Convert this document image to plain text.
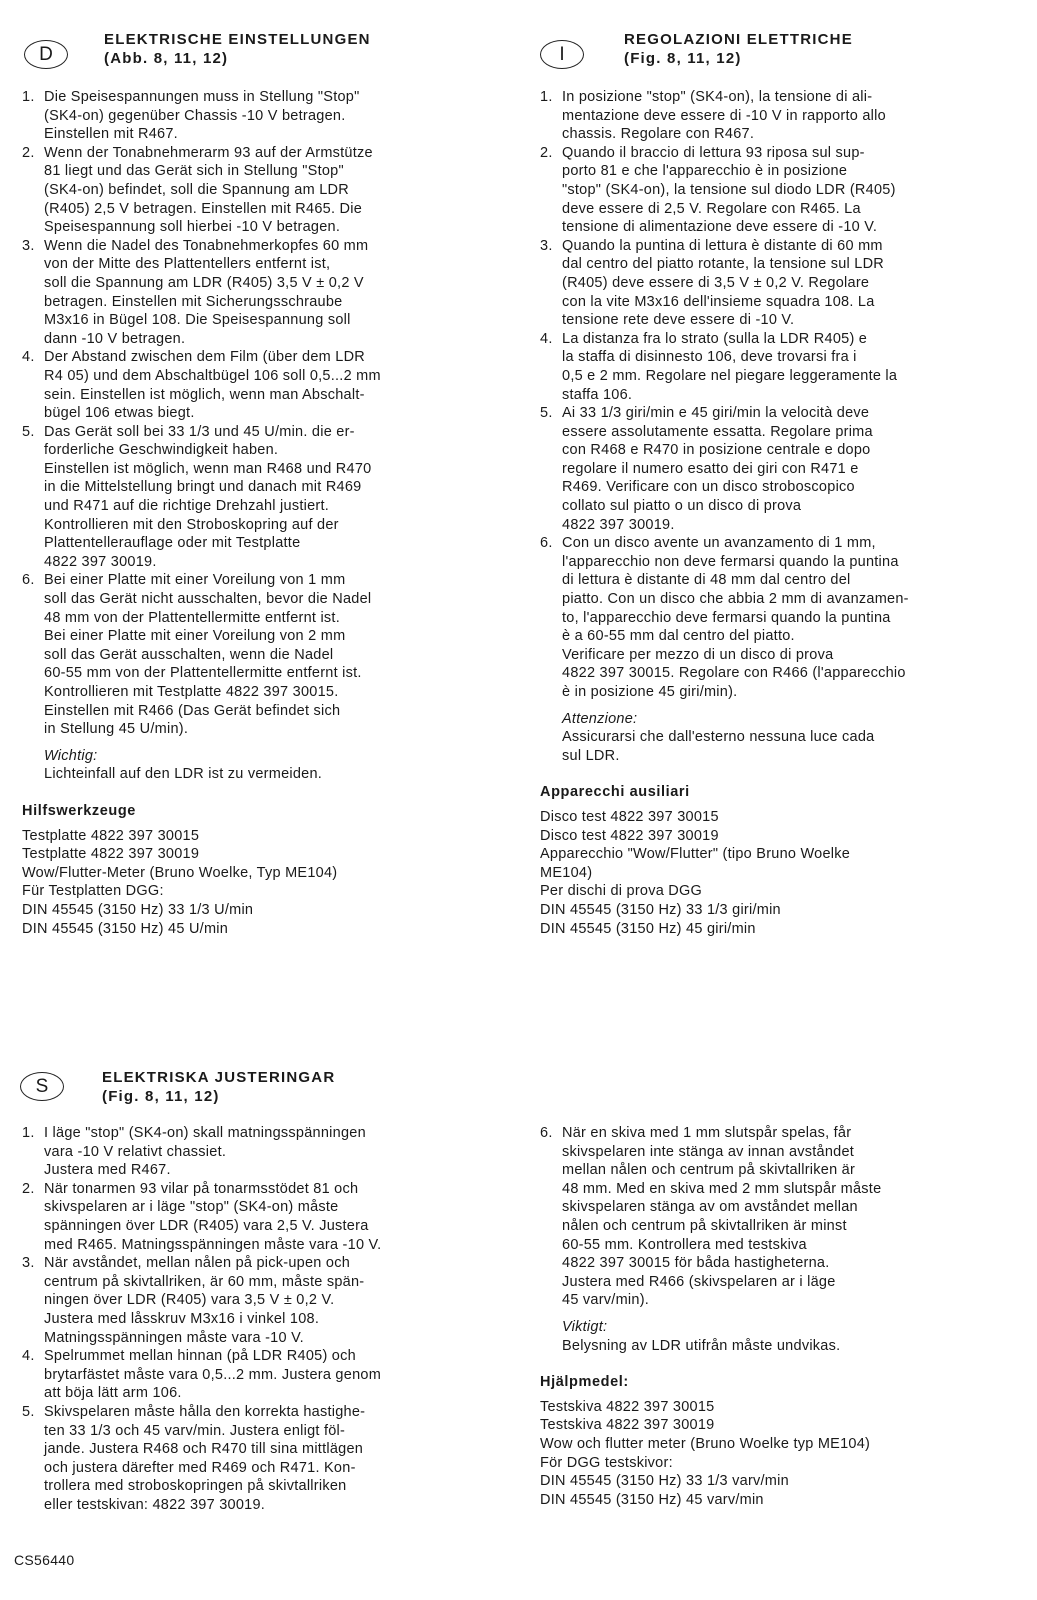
D
ELEKTRISCHE EINSTELLUNGEN
(Abb. 8, 11, 12)
1. Die Speisespannungen muss in Stellung "Stop"
(SK4-on) gegenüber Chassis -10 V betragen.
Einstellen mit R467.
2. Wenn der Tonabnehmerarm 93 auf der Armstütze
81 liegt und das Gerät sich in Stellung "Stop"
(SK4-on) befindet, soll die Spannung am LDR
(R405) 2,5 V betragen. Einstellen mit R465. Die
Speisespannung soll hierbei -10 V betragen.
3. Wenn die Nadel des Tonabnehmerkopfes 60 mm
von der Mitte des Plattentellers entfernt ist,
soll die Spannung am LDR (R405) 3,5 V ± 0,2 V
betragen. Einstellen mit Sicherungsschraube
M3x16 in Bügel 108. Die Speisespannung soll
dann -10 V betragen.
4. Der Abstand zwischen dem Film (über dem LDR
R4 05) und dem Abschaltbügel 106 soll 0,5...2 mm
sein. Einstellen ist möglich, wenn man Abschalt-
bügel 106 etwas biegt.
5. Das Gerät soll bei 33 1/3 und 45 U/min. die er-
forderliche Geschwindigkeit haben.
Einstellen ist möglich, wenn man R468 und R470
in die Mittelstellung bringt und danach mit R469
und R471 auf die richtige Drehzahl justiert.
Kontrollieren mit den Stroboskopring auf der
Plattentellerauflage oder mit Testplatte
4822 397 30019.
6. Bei einer Platte mit einer Voreilung von 1 mm
soll das Gerät nicht ausschalten, bevor die Nadel
48 mm von der Plattentellermitte entfernt ist.
Bei einer Platte mit einer Voreilung von 2 mm
soll das Gerät ausschalten, wenn die Nadel
60-55 mm von der Plattentellermitte entfernt ist.
Kontrollieren mit Testplatte 4822 397 30015.
Einstellen mit R466 (Das Gerät befindet sich
in Stellung 45 U/min).
Wichtig:
Lichteinfall auf den LDR ist zu vermeiden.
Hilfswerkzeuge
Testplatte 4822 397 30015
Testplatte 4822 397 30019
Wow/Flutter-Meter (Bruno Woelke, Typ ME104)
Für Testplatten DGG:
DIN 45545 (3150 Hz) 33 1/3 U/min
DIN 45545 (3150 Hz) 45 U/min
I
REGOLAZIONI ELETTRICHE
(Fig. 8, 11, 12)
1. In posizione "stop" (SK4-on), la tensione di ali-
mentazione deve essere di -10 V in rapporto allo
chassis. Regolare con R467.
2. Quando il braccio di lettura 93 riposa sul sup-
porto 81 e che l'apparecchio è in posizione
"stop" (SK4-on), la tensione sul diodo LDR (R405)
deve essere di 2,5 V. Regolare con R465. La
tensione di alimentazione deve essere di -10 V.
3. Quando la puntina di lettura è distante di 60 mm
dal centro del piatto rotante, la tensione sul LDR
(R405) deve essere di 3,5 V ± 0,2 V. Regolare
con la vite M3x16 dell'insieme squadra 108. La
tensione rete deve essere di -10 V.
4. La distanza fra lo strato (sulla la LDR R405) e
la staffa di disinnesto 106, deve trovarsi fra i
0,5 e 2 mm. Regolare nel piegare leggeramente la
staffa 106.
5. Ai 33 1/3 giri/min e 45 giri/min la velocità deve
essere assolutamente essatta. Regolare prima
con R468 e R470 in posizione centrale e dopo
regolare il numero esatto dei giri con R471 e
R469. Verificare con un disco stroboscopico
collato sul piatto o un disco di prova
4822 397 30019.
6. Con un disco avente un avanzamento di 1 mm,
l'apparecchio non deve fermarsi quando la puntina
di lettura è distante di 48 mm dal centro del
piatto. Con un disco che abbia 2 mm di avanzamen-
to, l'apparecchio deve fermarsi quando la puntina
è a 60-55 mm dal centro del piatto.
Verificare per mezzo di un disco di prova
4822 397 30015. Regolare con R466 (l'apparecchio
è in posizione 45 giri/min).
Attenzione:
Assicurarsi che dall'esterno nessuna luce cada
sul LDR.
Apparecchi ausiliari
Disco test 4822 397 30015
Disco test 4822 397 30019
Apparecchio "Wow/Flutter" (tipo Bruno Woelke
ME104)
Per dischi di prova DGG
DIN 45545 (3150 Hz) 33 1/3 giri/min
DIN 45545 (3150 Hz) 45 giri/min
S	ELEKTRISKA JUSTERINGAR
(Fig. 8, 11, 12)
1. I läge "stop" (SK4-on) skall matningsspänningen
vara -10 V relativt chassiet.
Justera med R467.
2. När tonarmen 93 vilar på tonarmsstödet 81 och
skivspelaren ar i läge "stop" (SK4-on) måste
spänningen över LDR (R405) vara 2,5 V. Justera
med R465. Matningsspänningen måste vara -10 V.
3. När avståndet, mellan nålen på pick-upen och
centrum på skivtallriken, är 60 mm, måste spän-
ningen över LDR (R405) vara 3,5 V ± 0,2 V.
Justera med låsskruv M3x16 i vinkel 108.
Matningsspänningen måste vara -10 V.
4. Spelrummet mellan hinnan (på LDR R405) och
brytarfästet måste vara 0,5...2 mm. Justera genom
att böja lätt arm 106.
5. Skivspelaren måste hålla den korrekta hastighe-
ten 33 1/3 och 45 varv/min. Justera enligt föl-
jande. Justera R468 och R470 till sina mittlägen
och justera därefter med R469 och R471. Kon-
trollera med stroboskopringen på skivtallriken
eller testskivan: 4822 397 30019.
6. När en skiva med 1 mm slutspår spelas, får
skivspelaren inte stänga av innan avståndet
mellan nålen och centrum på skivtallriken är
48 mm. Med en skiva med 2 mm slutspår måste
skivspelaren stänga av om avståndet mellan
nålen och centrum på skivtallriken är minst
60-55 mm. Kontrollera med testskiva
4822 397 30015 för båda hastigheterna.
Justera med R466 (skivspelaren ar i läge
45 varv/min).
Viktigt:
Belysning av LDR utifrån måste undvikas.
Hjälpmedel:
Testskiva 4822 397 30015
Testskiva 4822 397 30019
Wow och flutter meter (Bruno Woelke typ ME104)
För DGG testskivor:
DIN 45545 (3150 Hz) 33 1/3 varv/min
DIN 45545 (3150 Hz) 45 varv/min
CS56440
